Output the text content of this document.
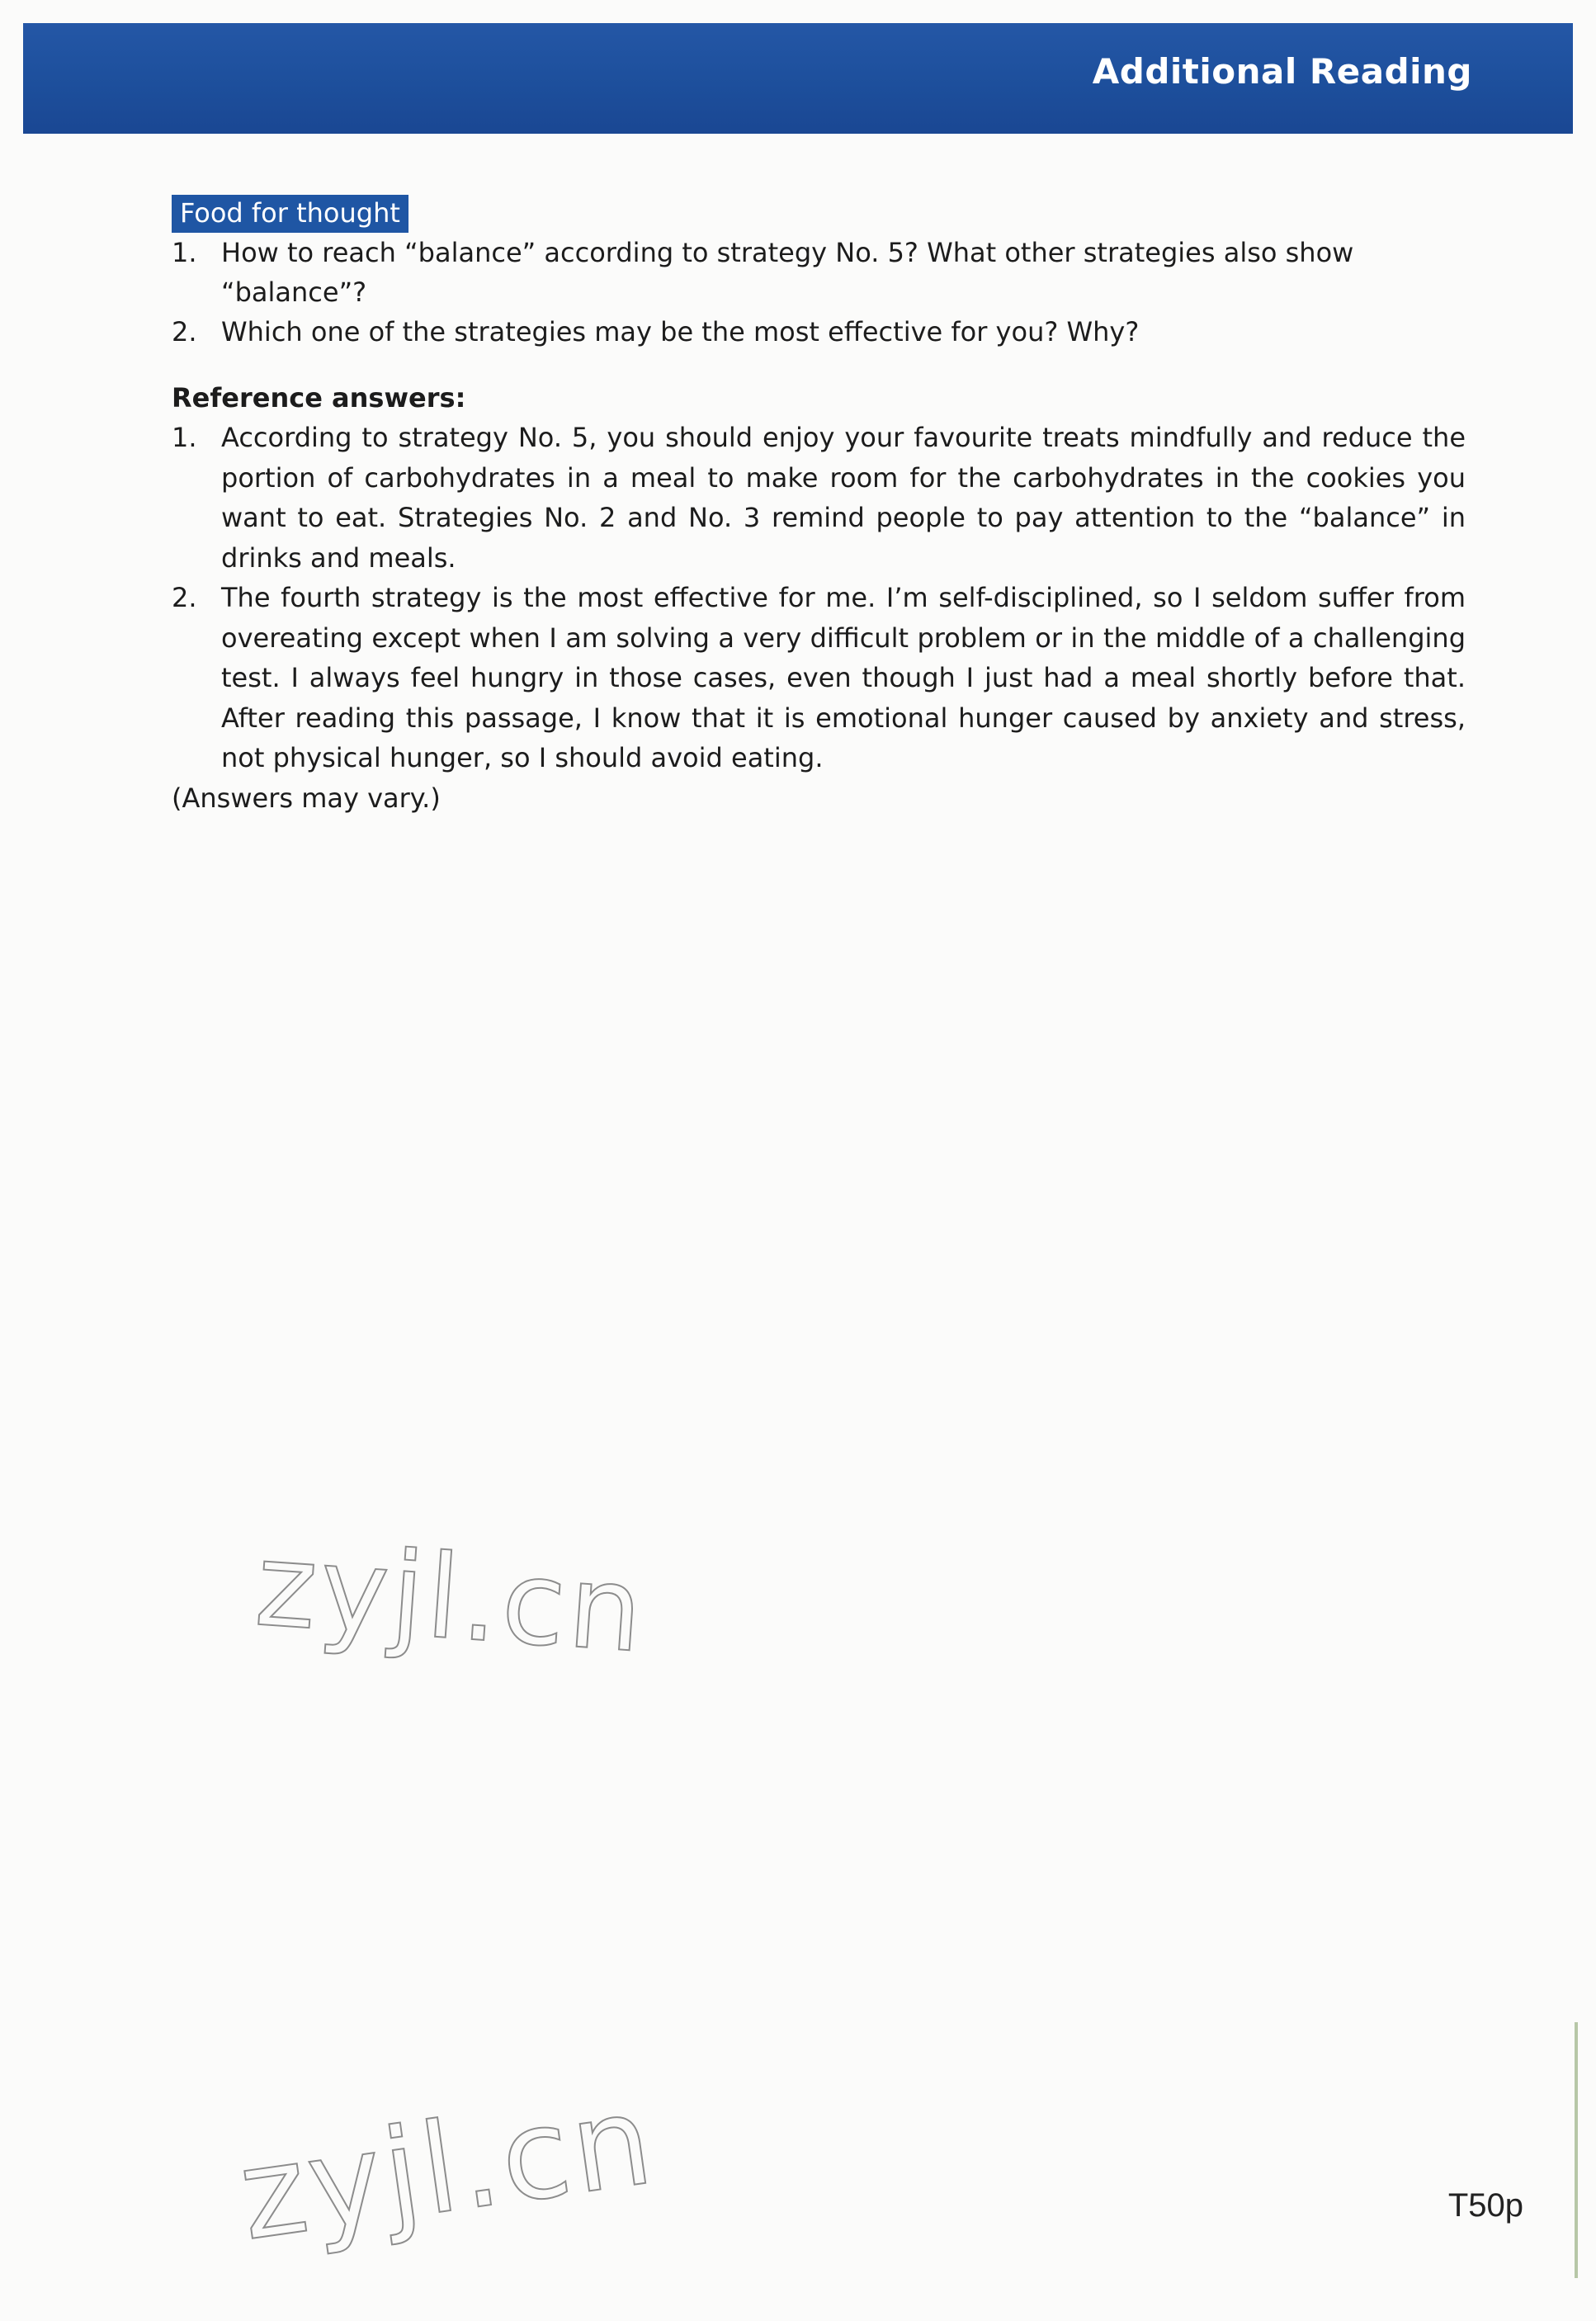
Additional Reading
Food for thought
1. How to reach “balance” according to strategy No. 5? What other strategies also show “balance”?
2. Which one of the strategies may be the most effective for you? Why?
Reference answers:
1. According to strategy No. 5, you should enjoy your favourite treats mindfully and reduce the portion of carbohydrates in a meal to make room for the carbohydrates in the cookies you want to eat. Strategies No. 2 and No. 3 remind people to pay attention to the “balance” in drinks and meals.
2. The fourth strategy is the most effective for me. I’m self-disciplined, so I seldom suffer from overeating except when I am solving a very difficult problem or in the middle of a challenging test. I always feel hungry in those cases, even though I just had a meal shortly before that. After reading this passage, I know that it is emotional hunger caused by anxiety and stress, not physical hunger, so I should avoid eating.
(Answers may vary.)
zyjl.cn
zyjl.cn	T50p
